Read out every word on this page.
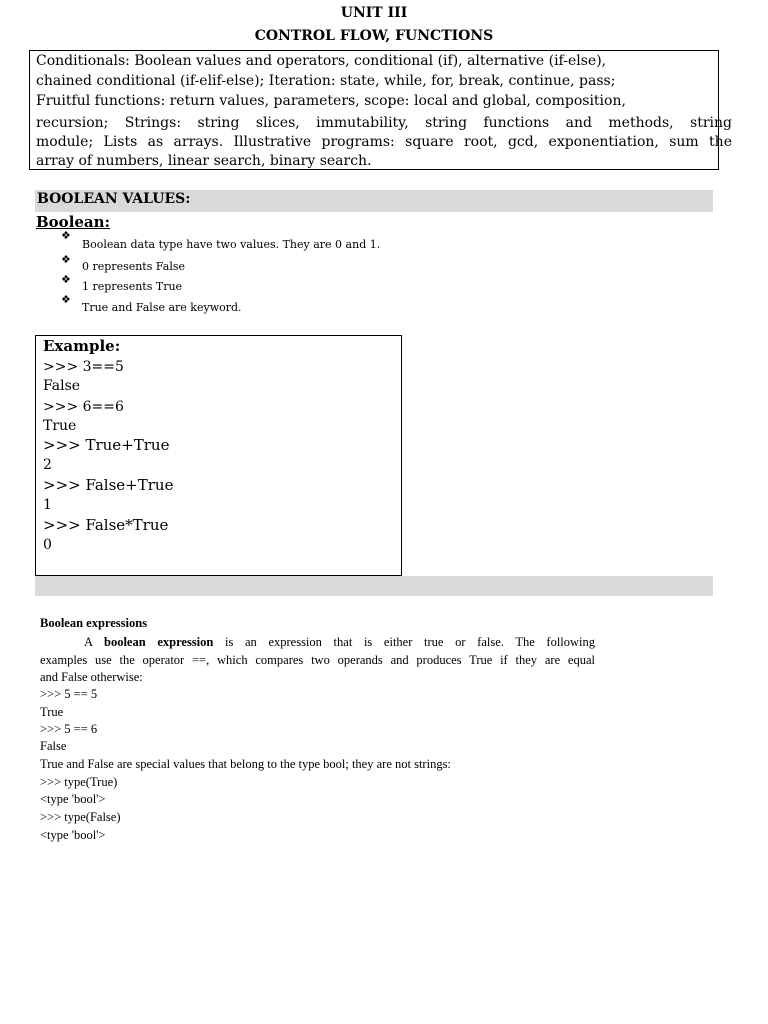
UNIT III
CONTROL FLOW, FUNCTIONS
Conditionals: Boolean values and operators, conditional (if), alternative (if-else),
chained conditional (if-elif-else); Iteration: state, while, for, break, continue, pass;
Fruitful functions: return values, parameters, scope: local and global, composition,
recursion; Strings: string slices, immutability, string functions and methods, string
module; Lists as arrays. Illustrative programs: square root, gcd, exponentiation, sum the
array of numbers, linear search, binary search.
BOOLEAN VALUES:
Boolean:
❖
Boolean data type have two values. They are 0 and 1.
❖
0 represents False
❖
1 represents True
❖
True and False are keyword.
Example:
>>> 3==5
False
>>> 6==6
True
>>> True+True
2
>>> False+True
1
>>> False*True
0
Boolean expressions
A boolean expression is an expression that is either true or false. The following
examples use the operator ==, which compares two operands and produces True if they are equal
and False otherwise:
>>> 5 == 5
True
>>> 5 == 6
False
True and False are special values that belong to the type bool; they are not strings:
>>> type(True)
<type 'bool'>
>>> type(False)
<type 'bool'>
